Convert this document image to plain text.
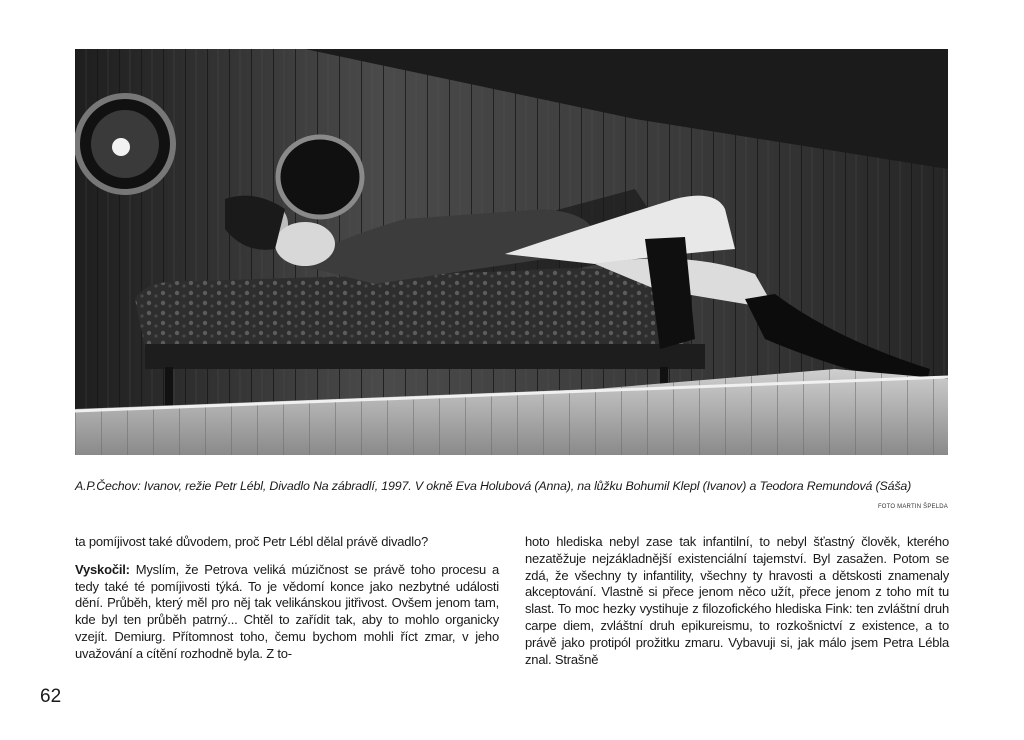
A.P.Čechov: Ivanov, režie Petr Lébl, Divadlo Na zábradlí, 1997. V okně Eva Holubová (Anna), na lůžku Bohumil Klepl (Ivanov) a Teodora Remundová (Sáša)
FOTO MARTIN ŠPELDA

ta pomíjivost také důvodem, proč Petr Lébl dělal právě divadlo?

Vyskočil: Myslím, že Petrova veliká múzičnost se právě toho procesu a tedy také té pomíjivosti týká. To je vědomí konce jako nezbytné události dění. Průběh, který měl pro něj tak velikánskou jitřivost. Ovšem jenom tam, kde byl ten průběh patrný... Chtěl to zařídit tak, aby to mohlo organicky vzejít. Demiurg. Přítomnost toho, čemu bychom mohli říct zmar, v jeho uvažování a cítění rozhodně byla. Z to-

hoto hlediska nebyl zase tak infantilní, to nebyl šťastný člověk, kterého nezatěžuje nejzákladnější existenciální tajemství. Byl zasažen. Potom se zdá, že všechny ty infantility, všechny ty hravosti a dětskosti znamenaly akceptování. Vlastně si přece jenom něco užít, přece jenom z toho mít tu slast. To moc hezky vystihuje z filozofického hlediska Fink: ten zvláštní druh carpe diem, zvláštní druh epikureismu, to rozkošnictví z existence, a to právě jako protipól prožitku zmaru. Vybavuji si, jak málo jsem Petra Lébla znal. Strašně

62
